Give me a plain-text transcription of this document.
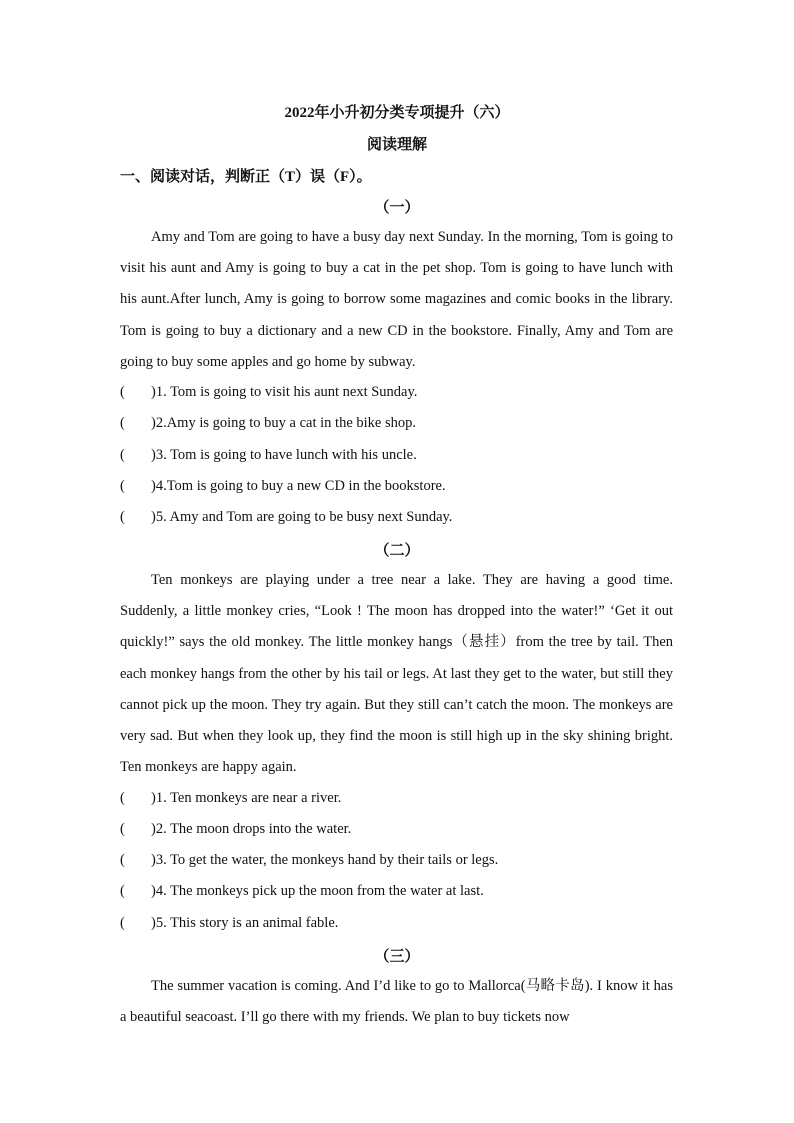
2022年小升初分类专项提升（六）
阅读理解
一、阅读对话，判断正（T）误（F）。
（一）

Amy and Tom are going to have a busy day next Sunday. In the morning, Tom is going to visit his aunt and Amy is going to buy a cat in the pet shop. Tom is going to have lunch with his aunt.After lunch, Amy is going to borrow some magazines and comic books in the library. Tom is going to buy a dictionary and a new CD in the bookstore. Finally, Amy and Tom are going to buy some apples and go home by subway.

( )1. Tom is going to visit his aunt next Sunday.
( )2.Amy is going to buy a cat in the bike shop.
( )3. Tom is going to have lunch with his uncle.
( )4.Tom is going to buy a new CD in the bookstore.
( )5. Amy and Tom are going to be busy next Sunday.
（二）

Ten monkeys are playing under a tree near a lake. They are having a good time. Suddenly, a little monkey cries, “Look ! The moon has dropped into the water!” ‘Get it out quickly!” says the old monkey. The little monkey hangs（悬挂）from the tree by tail. Then each monkey hangs from the other by his tail or legs. At last they get to the water, but still they cannot pick up the moon. They try again. But they still can’t catch the moon. The monkeys are very sad. But when they look up, they find the moon is still high up in the sky shining bright. Ten monkeys are happy again.

( )1. Ten monkeys are near a river.
( )2. The moon drops into the water.
( )3. To get the water, the monkeys hand by their tails or legs.
( )4. The monkeys pick up the moon from the water at last.
( )5. This story is an animal fable.
（三）

The summer vacation is coming. And I’d like to go to Mallorca(马略卡岛). I know it has a beautiful seacoast. I’ll go there with my friends. We plan to buy tickets now
